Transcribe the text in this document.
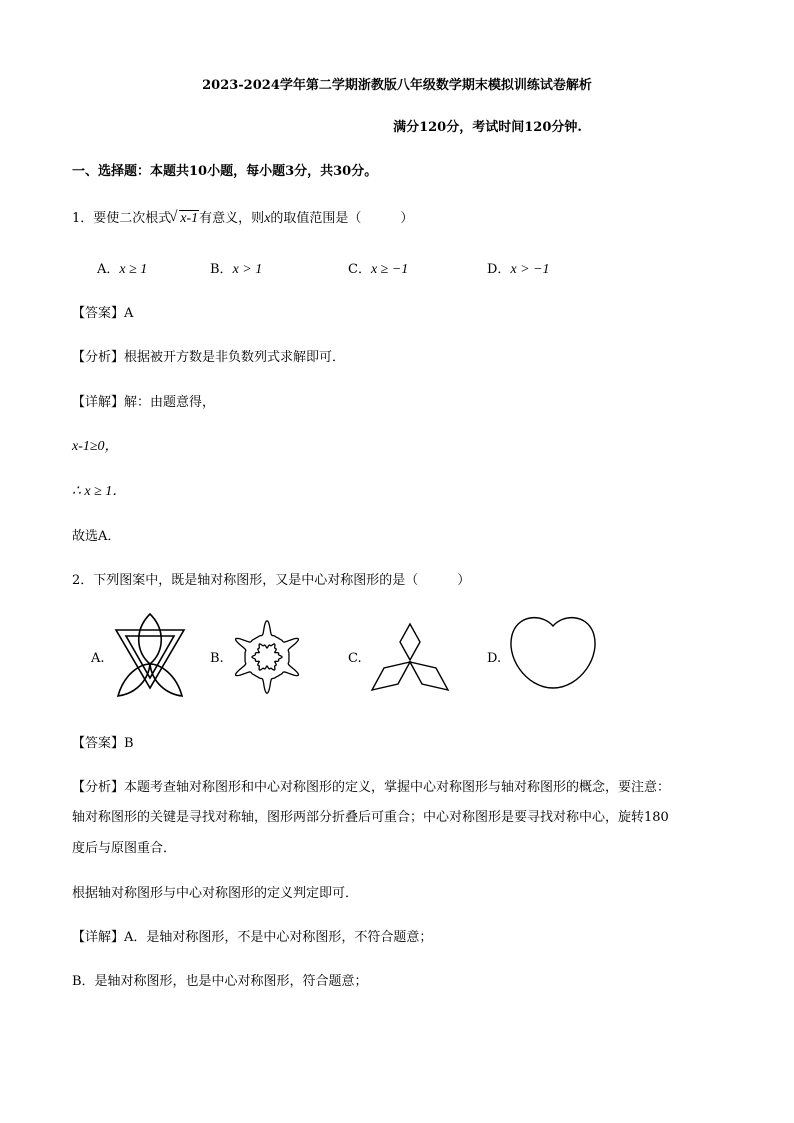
2023-2024学年第二学期浙教版八年级数学期末模拟训练试卷解析
满分120分，考试时间120分钟.
一、选择题：本题共10小题，每小题3分，共30分。
1．要使二次根式√ x-1有意义，则x的取值范围是（　　　）
A．x ≥ 1	B．x > 1	C．x ≥ −1	D．x > −1
【答案】A
【分析】根据被开方数是非负数列式求解即可．
【详解】解：由题意得，
x-1≥0，
∴ x ≥ 1．
故选A．
2．下列图案中，既是轴对称图形，又是中心对称图形的是（　　　）
A.	B.	C.	D.
【答案】B
【分析】本题考查轴对称图形和中心对称图形的定义，掌握中心对称图形与轴对称图形的概念，要注意：
轴对称图形的关键是寻找对称轴，图形两部分折叠后可重合；中心对称图形是要寻找对称中心，旋转180
度后与原图重合．
根据轴对称图形与中心对称图形的定义判定即可．
【详解】A．是轴对称图形，不是中心对称图形，不符合题意；
B．是轴对称图形，也是中心对称图形，符合题意；
